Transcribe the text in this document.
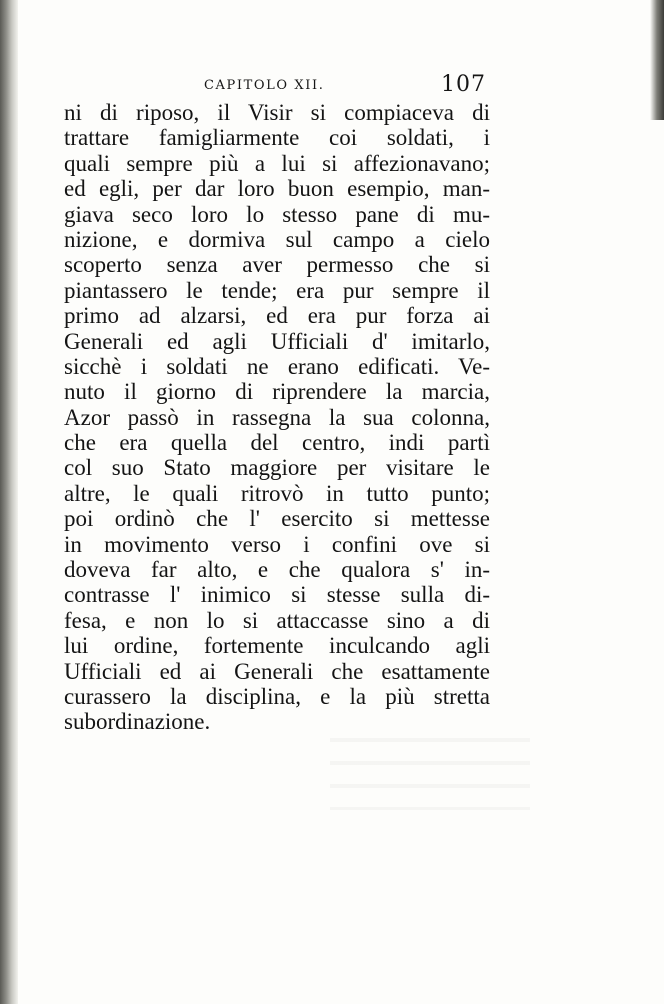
CAPITOLO XII.	107
ni di riposo, il Visir si compiaceva di
trattare famigliarmente coi soldati, i
quali sempre più a lui si affezionavano;
ed egli, per dar loro buon esempio, man-
giava seco loro lo stesso pane di mu-
nizione, e dormiva sul campo a cielo
scoperto senza aver permesso che si
piantassero le tende; era pur sempre il
primo ad alzarsi, ed era pur forza ai
Generali ed agli Ufficiali d' imitarlo,
sicchè i soldati ne erano edificati. Ve-
nuto il giorno di riprendere la marcia,
Azor passò in rassegna la sua colonna,
che era quella del centro, indi partì
col suo Stato maggiore per visitare le
altre, le quali ritrovò in tutto punto;
poi ordinò che l' esercito si mettesse
in movimento verso i confini ove si
doveva far alto, e che qualora s' in-
contrasse l' inimico si stesse sulla di-
fesa, e non lo si attaccasse sino a di
lui ordine, fortemente inculcando agli
Ufficiali ed ai Generali che esattamente
curassero la disciplina, e la più stretta
subordinazione.
